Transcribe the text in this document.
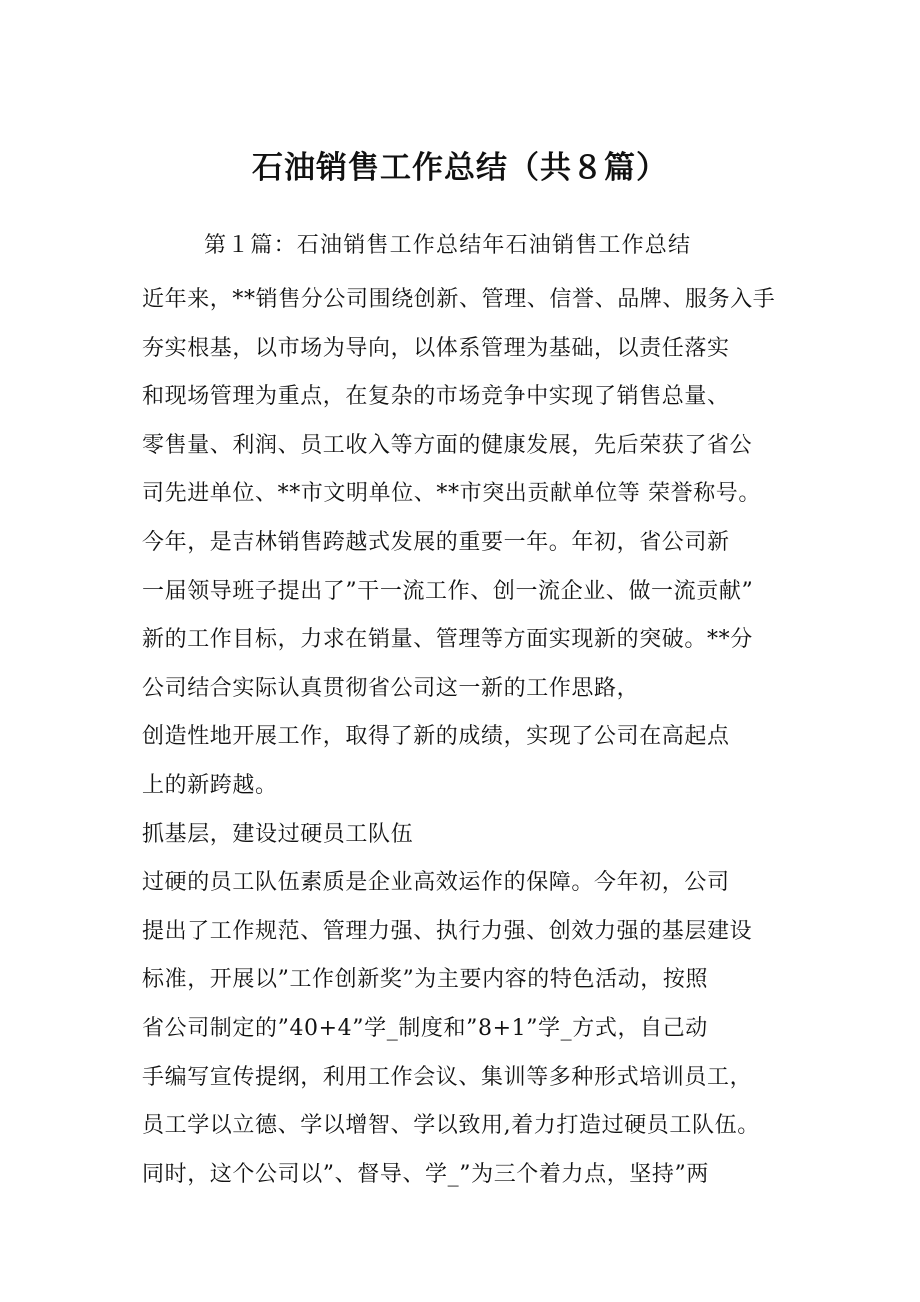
石油销售工作总结（共８篇）

第１篇：石油销售工作总结年石油销售工作总结

近年来，**销售分公司围绕创新、管理、信誉、品牌、服务入手
夯实根基，以市场为导向，以体系管理为基础，以责任落实
和现场管理为重点，在复杂的市场竞争中实现了销售总量、
零售量、利润、员工收入等方面的健康发展，先后荣获了省公
司先进单位、**市文明单位、**市突出贡献单位等 荣誉称号。
今年，是吉林销售跨越式发展的重要一年。年初，省公司新
一届领导班子提出了”干一流工作、创一流企业、做一流贡献”
新的工作目标，力求在销量、管理等方面实现新的突破。**分
公司结合实际认真贯彻省公司这一新的工作思路，
创造性地开展工作，取得了新的成绩，实现了公司在高起点
上的新跨越。
抓基层，建设过硬员工队伍
过硬的员工队伍素质是企业高效运作的保障。今年初，公司
提出了工作规范、管理力强、执行力强、创效力强的基层建设
标准，开展以”工作创新奖”为主要内容的特色活动，按照
省公司制定的”40+4”学_制度和”8+1”学_方式，自己动
手编写宣传提纲，利用工作会议、集训等多种形式培训员工，
员工学以立德、学以增智、学以致用,着力打造过硬员工队伍。
同时，这个公司以”、督导、学_”为三个着力点，坚持”两
